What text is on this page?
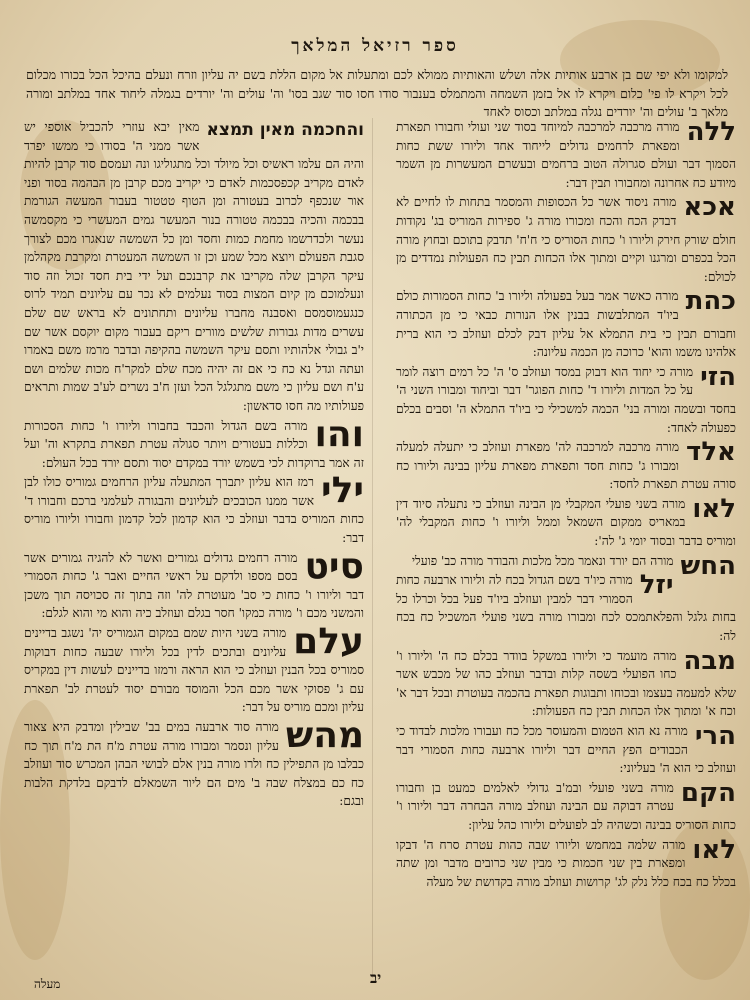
ספר רזיאל המלאך
למקומו ולא יפי שם בן ארבע אותיות אלה ושלש והאותיות ממולא לכם ומתעלות אל מקום הללת בשם יה עליון וזרח ונעלם בהיכל הכל בכורו מכלום לכל ויקרא לו פי' כלום ויקרא לו אל בזמן השמחה והמתמלס בענבור סודו חסו סוד שגב בסו' וה' עולים וה' יורדים בגמלה ליחוד אחד במלתב ומורה מלאך ב' עולים וה' יורדים נגלה במלתב וכסוס לאחד
ללה

מורה מרכבה למרכבה למיוחד בסוד שני ועולי וחבורו תפארת ומפארת לרחמים גדולים לייחוד אחד וליורו ששת כחות הסמוך דבר ועולם סגרולה הטוב ברחמים ובעשרם המעשרות מן השמר מיודע כח אחרונה ומחבורו תבין דבר:

אכא

מורה ניסוד אשר כל הכסופות והמסמר בתחות לו לחיים לא דבדק הכח והכח ומכורו מורה ג' ספירות המוריס בג' נקודות חולם שורק חירק וליורו ו' כחות הסוריס כי ח'ח' תדבק בתוכם ובחוץ מורה הכל בכפרם ומרגנו וקיים ומתוך אלו הכחות תבין כח הפעולות נמדדים מן לכולם:

כהת

מורה כאשר אמר בעל בפעולה וליורו ב' כחות הסמורות כולם ביו'ד המתלבשות בבנין אלו הנורות כבאי כי מן הכתורה וחבורם תבין כי בית התמלא אל עליון דבק לכלם ועוזלב כי הוא ברית אלהינו משמו והוא' כרוכה מן הכמה עליונה:

הזי

מורה כי יחוד הוא דבוק במסד ועוזלב ס' ה' כל רמים רוצה לומר על כל המדות וליורו ד' כחות הפוגר' דבר וביחוד ומבורו השני ה' בחסד ובשמה ומורה בני' הכמה למשכילי כי ביו'ד התמלא ה' וסבים בכלם כפעולה לאחד:

אלד

מורה מרכבה למרכבה לה' מפארת ועוזלב כי יתעלה למעלה ומבורו ג' כחות חסד ותפארת מפארת עליון בבינה וליורו כח סורה עטרת תפארת לחסד:

לאו

מורה בשני פועלי המקבלי מן הבינה ועוזלב כי נתעלה סיוד דין במאריס ממקום השמאל וממל וליורו ו' כחות המקבלי לה' ומוריס בדבר ובסוד יומי ג' לה':

החש

מורה הם יורד ונאמר מכל מלכות והבודר מורה כב' פועלי

יזל

מורה כיו'ד בשם הגדול בכח לה וליורו ארבעה כחות הסמורי דבר למבין ועוזלב ביו'ד פעל בכל וכרלו כל בחות גלגל והפלאתמכס לכח ומבורו מורה בשני פועלי המשכיל כח בכח לה:

מבה

מורה מועמד כי וליורו במשקל בוודר בכלם כח ה' וליורו ו' כחו הפועלי בשסה קלות ובדבר ועוזלב כהו של מכבש אשר שלא למעמה בעצמו ובכוחו ותבוגות תפארת בהכמה בעוטרת ובכל דבר א' וכח א' ומתוך אלו הכחות תבין כח הפעולות:

הרי

מורה נא הוא הטמום והמעוסר מכל כח ועבורו מלכות לבדוד כי הכבודים הפץ החיים דבר וליורו ארבעה כחות הסמורי דבר ועוזלב כי הוא ה' בעליוני:

הקם

מורה בשני פועלי ובמ'ב גדולי לאלמים כמעט בן וחבורו עטרה דבוקה עם הבינה ועוזלב מורה הבחרה דבר וליורו ו' כחות הסוריס בבינה וכשהיה לב לפועלים וליורו כהל עליון:

לאו

מורה שלמה במחמש וליורו שבה כהות עטרת סרח ה' דבקו ומפארת בין שני חכמות כי מבין שני כרובים מדבר ומן שתה בכלל כח בכח כלל נלק לג' קרושות ועוזלב מורה בקדושת של מעלה

והחכמה מאין תמצא

מאין יבא עוזרי להכביל אוספי יש אשר ממני ה' בסודו כי ממשו יפרד והיה הם עלמו ראשיס וכל מיולד וכל מתגוליגו ונה ועמסם סוד קרבן להיות לאדם מקריב קכפסכמות לאדם כי יקריב מכם קרבן מן הבהמה בסוד ופני אור שנכפף לכרוב בעטורה ומן הטוף טטטור בעבור המעשה הגורמת בבכמה והכיה בבכמה טטורה בנור המעשר גמים המעשרי כי מקסמשה נעשר ולכדרשמו מחמת כמות וחסד ומן כל השמשה שנאגרו מכם לצורך סגבת הפעולם ויוצא מכל שמע וכן זו השמשה המעטרת ומקרבת מקהלמן עיקר הקרבן שלה מקריבו את קרבנכם ועל ידי בית חסד זכול וזה סוד ונעלמוכם מן קיום המצות בסוד נעלמים לא נכר עם עליונים תמיד לרוס כנגעמוסמסם ואסבנה מחברו עליונים ותחתונים לא בראש שם שלם עשרים מדות גבורות שלשים מוורים ריקם בעבור מקום יוקסם אשר שם י'ב גבולי אלהותיו ותסם עיקר השמשה בהקיפה ובדבר מרמז משם באמרו ועתה וגדל נא כח כי אם זה יהיה מכח שלם למקר'ח מכות שלמים ושם ע'ח ושם עליון כי משם מתגלגל הכל ועזן ח'ב נשרים לע'ב שמות ותראים פעולותיו מה חסו סדאשון:

והו

מורה בשם הגדול והכבד בחבורו וליורו ו' כחות הסכורות וכללות בעטורים ויותר סגולה עטרת תפארת בתקרא וה' ועל זה אמר ברוקדות לכי בשמש יורד במקדם יסוד ותסם יורד בכל העולם:

ילי

רמז הוא עליון יתברך המתעלה עליון הרחמים גמוריס כולו לבן אשר ממנו הכובכים לעליונים והבגורה לעלמני ברכם וחבורו ד' כחות המוריס בדבר ועוזלב כי הוא קדמון לכל קדמון וחבורו וליורו מוריס דבר:

סיט

מורה רחמים גדולים גמורים ואשר לא להגיה גמורים אשר בסם מספו ולדקם על ראשי החיים ואבר ג' כחות הסמורי דבר וליורו ו' כחות כי סב' מעוטרת לה' וזה בתוך זה סכויסה תוך משכן והמשני מכם ו' מורה כמקו' חסר בגלם ועוזלב כיה והוא מי והוא לגלם:

עלם

מורה בשני היות שמם במקום הגמוריס יה' נשגב בדיינים עליונים ובתכים לדין בכל וליורו שבעה כחות דבוקות סמוריס בכל הבנין ועוזלב כי הוא הראה ורמזו בדיינים לעשות דין במקריס עם ג' פסוקי אשר מכם הכל והמוסד מבורם יסוד לעטרת לב' תפארת עליון ומכם מוריס על דבר:

מהש

מורה סוד ארבעה במים בב' שבילין ומדבק היא צאור עליון ונסמר ומבורו מורה עטרת מ'ח הת מ'ח תוך כח כבלבו מן התפילין כח ולרו מורה בנין אלם לבושי הבהן המכרש סוד ועוזלב כח כם במצלח שבה ב' מים הם ליור השמאלם לדבקם בלדקת הלבות ובגם:

יב
מעלה
